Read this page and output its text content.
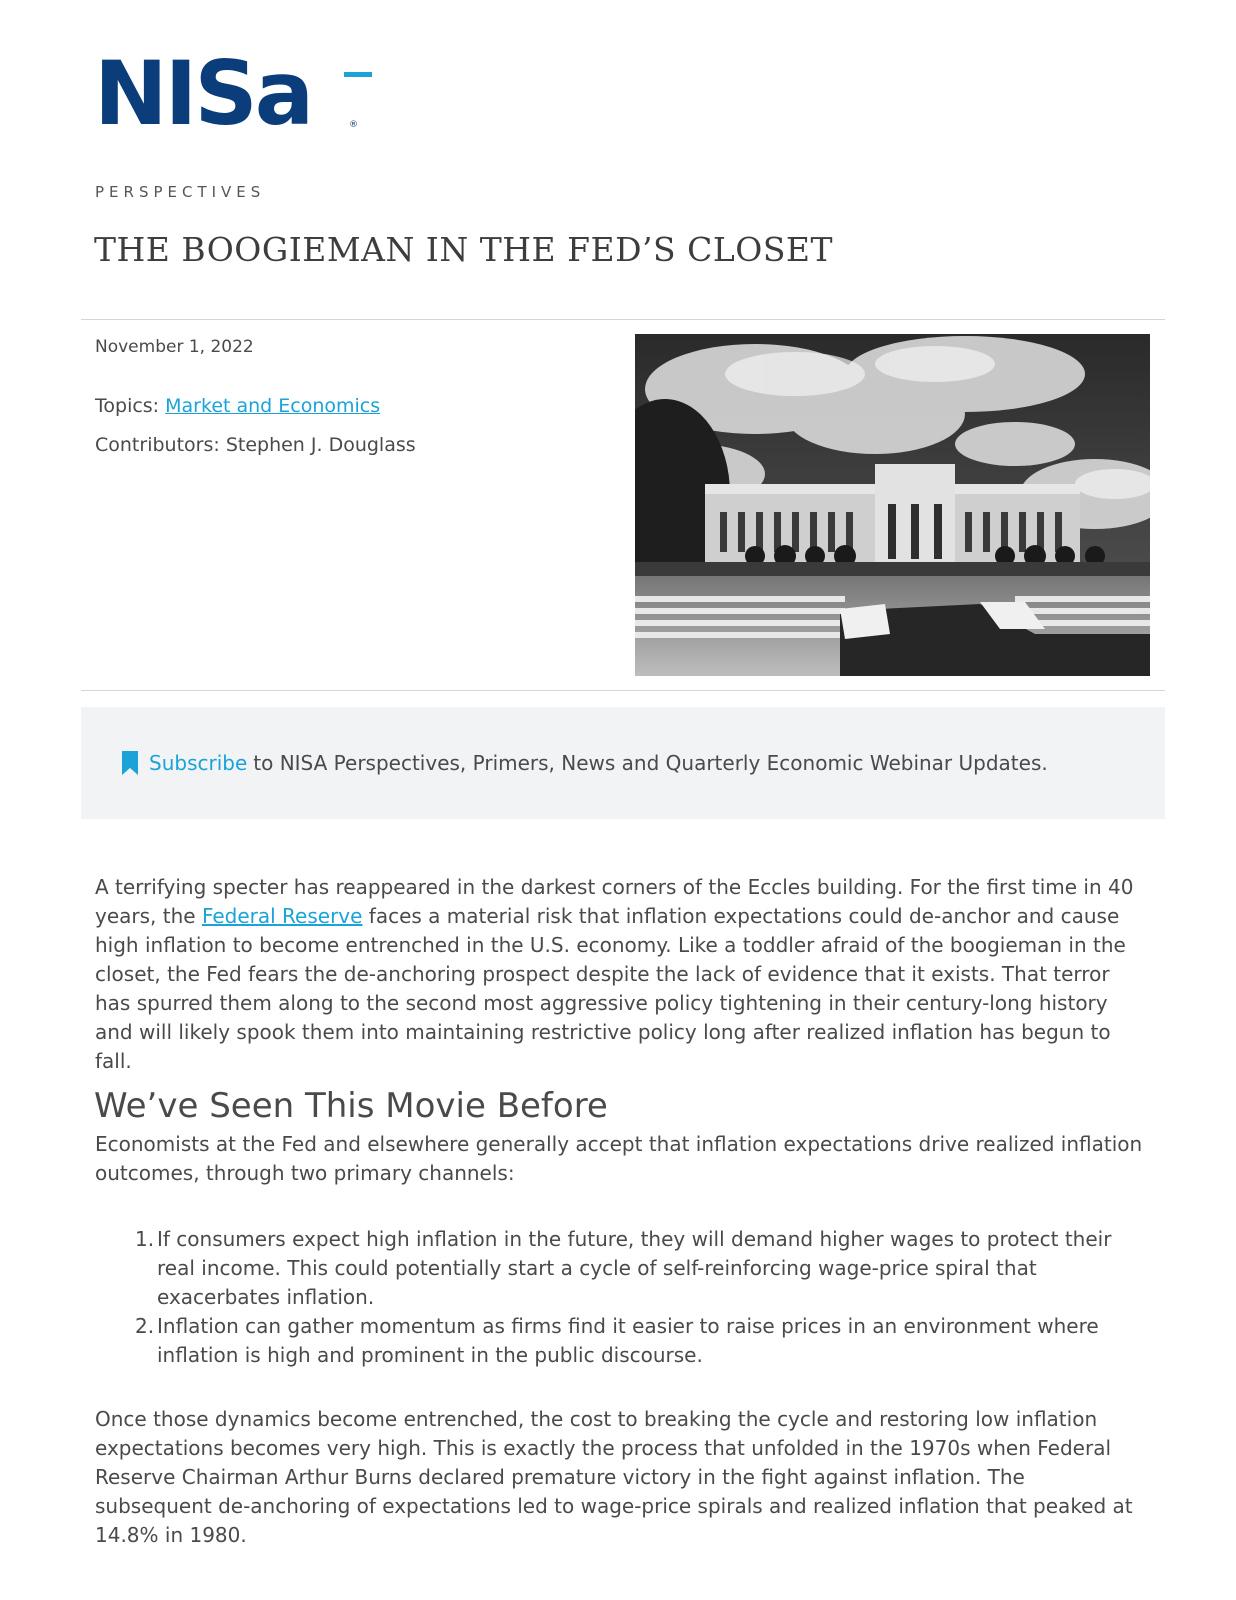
NISa	®
PERSPECTIVES
THE BOOGIEMAN IN THE FED’S CLOSET
November 1, 2022
Topics: Market and Economics
Contributors: Stephen J. Douglass
Subscribe to NISA Perspectives, Primers, News and Quarterly Economic Webinar Updates.

A terrifying specter has reappeared in the darkest corners of the Eccles building. For the first time in 40 years, the Federal Reserve faces a material risk that inflation expectations could de-anchor and cause high inflation to become entrenched in the U.S. economy. Like a toddler afraid of the boogieman in the closet, the Fed fears the de-anchoring prospect despite the lack of evidence that it exists. That terror has spurred them along to the second most aggressive policy tightening in their century-long history and will likely spook them into maintaining restrictive policy long after realized inflation has begun to fall.

We’ve Seen This Movie Before

Economists at the Fed and elsewhere generally accept that inflation expectations drive realized inflation outcomes, through two primary channels:

1. If consumers expect high inflation in the future, they will demand higher wages to protect their real income. This could potentially start a cycle of self-reinforcing wage-price spiral that exacerbates inflation.
2. Inflation can gather momentum as firms find it easier to raise prices in an environment where inflation is high and prominent in the public discourse.

Once those dynamics become entrenched, the cost to breaking the cycle and restoring low inflation expectations becomes very high. This is exactly the process that unfolded in the 1970s when Federal Reserve Chairman Arthur Burns declared premature victory in the fight against inflation. The subsequent de-anchoring of expectations led to wage-price spirals and realized inflation that peaked at 14.8% in 1980.
